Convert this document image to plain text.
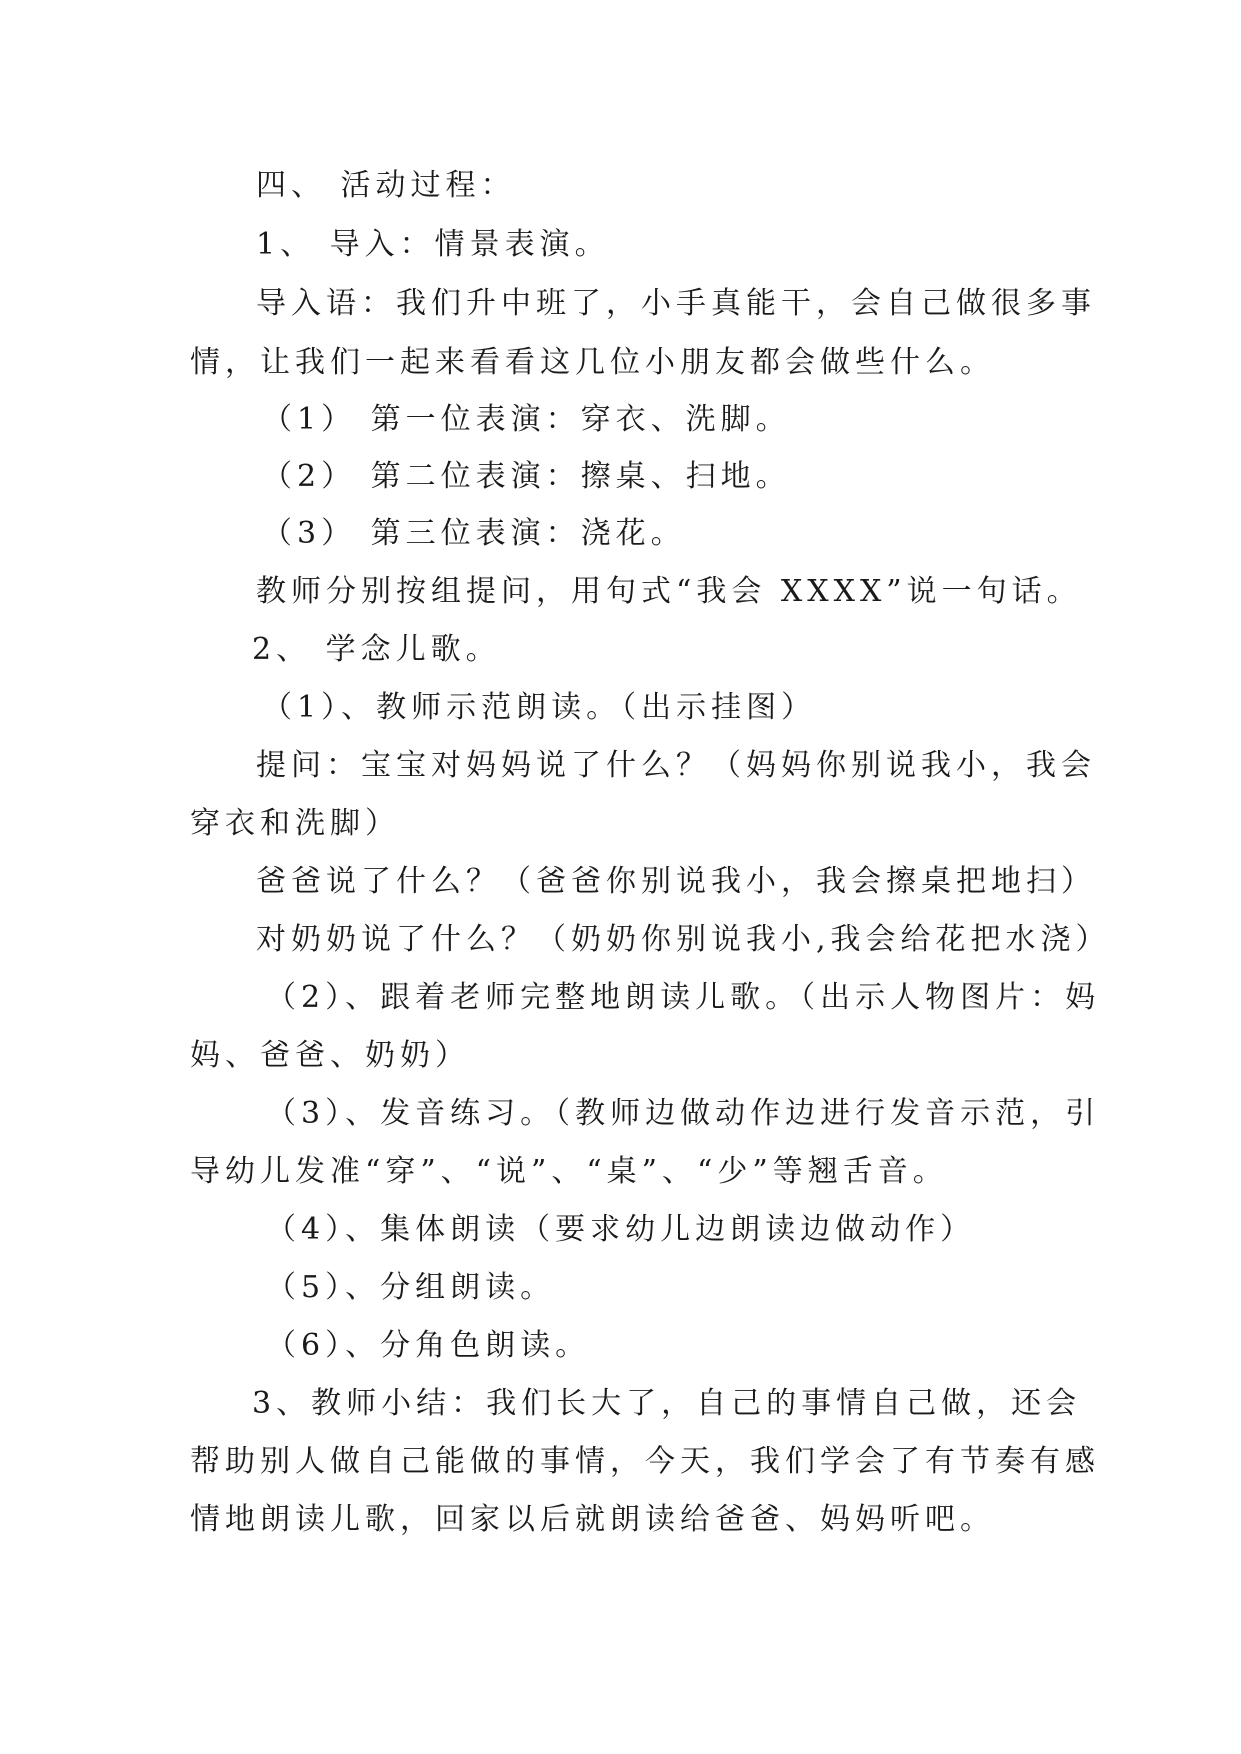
四、 活动过程：
1、 导入：情景表演。
导入语：我们升中班了，小手真能干，会自己做很多事
情，让我们一起来看看这几位小朋友都会做些什么。
（1） 第一位表演：穿衣、洗脚。
（2） 第二位表演：擦桌、扫地。
（3） 第三位表演：浇花。
教师分别按组提问，用句式“我会 XXXX”说一句话。
2、 学念儿歌。
（1）、教师示范朗读。（出示挂图）
提问：宝宝对妈妈说了什么？（妈妈你别说我小，我会
穿衣和洗脚）
爸爸说了什么？（爸爸你别说我小，我会擦桌把地扫）
对奶奶说了什么？（奶奶你别说我小,我会给花把水浇）
（2）、跟着老师完整地朗读儿歌。（出示人物图片：妈
妈、爸爸、奶奶）
（3）、发音练习。（教师边做动作边进行发音示范，引
导幼儿发准“穿”、“说”、“桌”、“少”等翘舌音。
（4）、集体朗读（要求幼儿边朗读边做动作）
（5）、分组朗读。
（6）、分角色朗读。
3、教师小结：我们长大了，自己的事情自己做，还会
帮助别人做自己能做的事情，今天，我们学会了有节奏有感
情地朗读儿歌，回家以后就朗读给爸爸、妈妈听吧。
